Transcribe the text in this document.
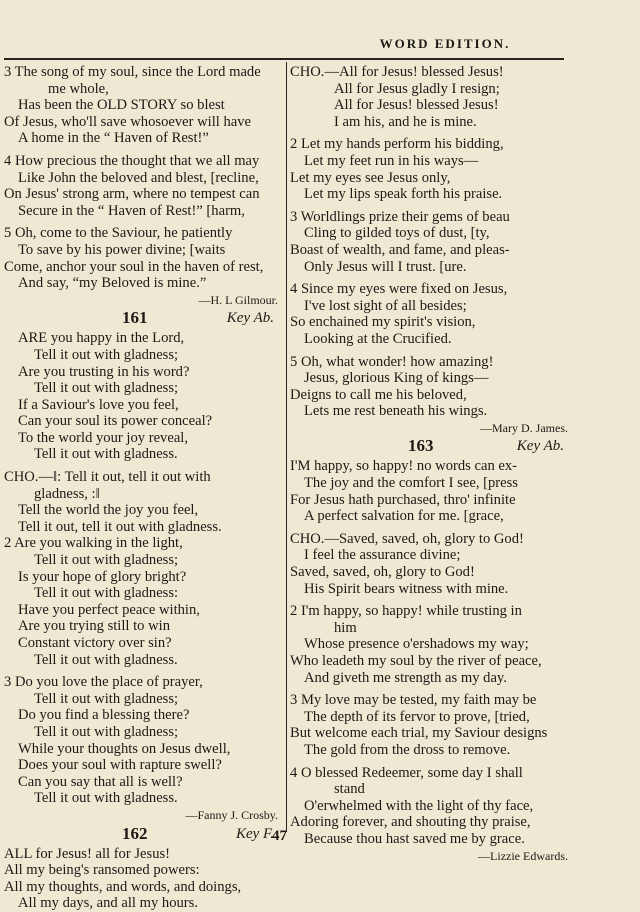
WORD EDITION.
3 The song of my soul, since the Lord made
me whole,
Has been the OLD STORY so blest
Of Jesus, who'll save whosoever will have
A home in the “ Haven of Rest!”
4 How precious the thought that we all may
Like John the beloved and blest, [recline,
On Jesus' strong arm, where no tempest can
Secure in the “ Haven of Rest!” [harm,
5 Oh, come to the Saviour, he patiently
To save by his power divine; [waits
Come, anchor your soul in the haven of rest,
And say, “my Beloved is mine.”
—H. L Gilmour.
161	Key Ab.
ARE you happy in the Lord,
Tell it out with gladness;
Are you trusting in his word?
Tell it out with gladness;
If a Saviour's love you feel,
Can your soul its power conceal?
To the world your joy reveal,
Tell it out with gladness.
CHO.—‖: Tell it out, tell it out with
gladness, :‖
Tell the world the joy you feel,
Tell it out, tell it out with gladness.
2 Are you walking in the light,
Tell it out with gladness;
Is your hope of glory bright?
Tell it out with gladness:
Have you perfect peace within,
Are you trying still to win
Constant victory over sin?
Tell it out with gladness.
3 Do you love the place of prayer,
Tell it out with gladness;
Do you find a blessing there?
Tell it out with gladness;
While your thoughts on Jesus dwell,
Does your soul with rapture swell?
Can you say that all is well?
Tell it out with gladness.
—Fanny J. Crosby.
162	Key F.
ALL for Jesus! all for Jesus!
All my being's ransomed powers:
All my thoughts, and words, and doings,
All my days, and all my hours.
CHO.—All for Jesus! blessed Jesus!
All for Jesus gladly I resign;
All for Jesus! blessed Jesus!
I am his, and he is mine.
2 Let my hands perform his bidding,
Let my feet run in his ways—
Let my eyes see Jesus only,
Let my lips speak forth his praise.
3 Worldlings prize their gems of beau
Cling to gilded toys of dust, [ty,
Boast of wealth, and fame, and pleas-
Only Jesus will I trust. [ure.
4 Since my eyes were fixed on Jesus,
I've lost sight of all besides;
So enchained my spirit's vision,
Looking at the Crucified.
5 Oh, what wonder! how amazing!
Jesus, glorious King of kings—
Deigns to call me his beloved,
Lets me rest beneath his wings.
—Mary D. James.
163	Key Ab.
I'M happy, so happy! no words can ex-
The joy and the comfort I see, [press
For Jesus hath purchased, thro' infinite
A perfect salvation for me. [grace,
CHO.—Saved, saved, oh, glory to God!
I feel the assurance divine;
Saved, saved, oh, glory to God!
His Spirit bears witness with mine.
2 I'm happy, so happy! while trusting in
him
Whose presence o'ershadows my way;
Who leadeth my soul by the river of peace,
And giveth me strength as my day.
3 My love may be tested, my faith may be
The depth of its fervor to prove, [tried,
But welcome each trial, my Saviour designs
The gold from the dross to remove.
4 O blessed Redeemer, some day I shall
stand
O'erwhelmed with the light of thy face,
Adoring forever, and shouting thy praise,
Because thou hast saved me by grace.
—Lizzie Edwards.
47
